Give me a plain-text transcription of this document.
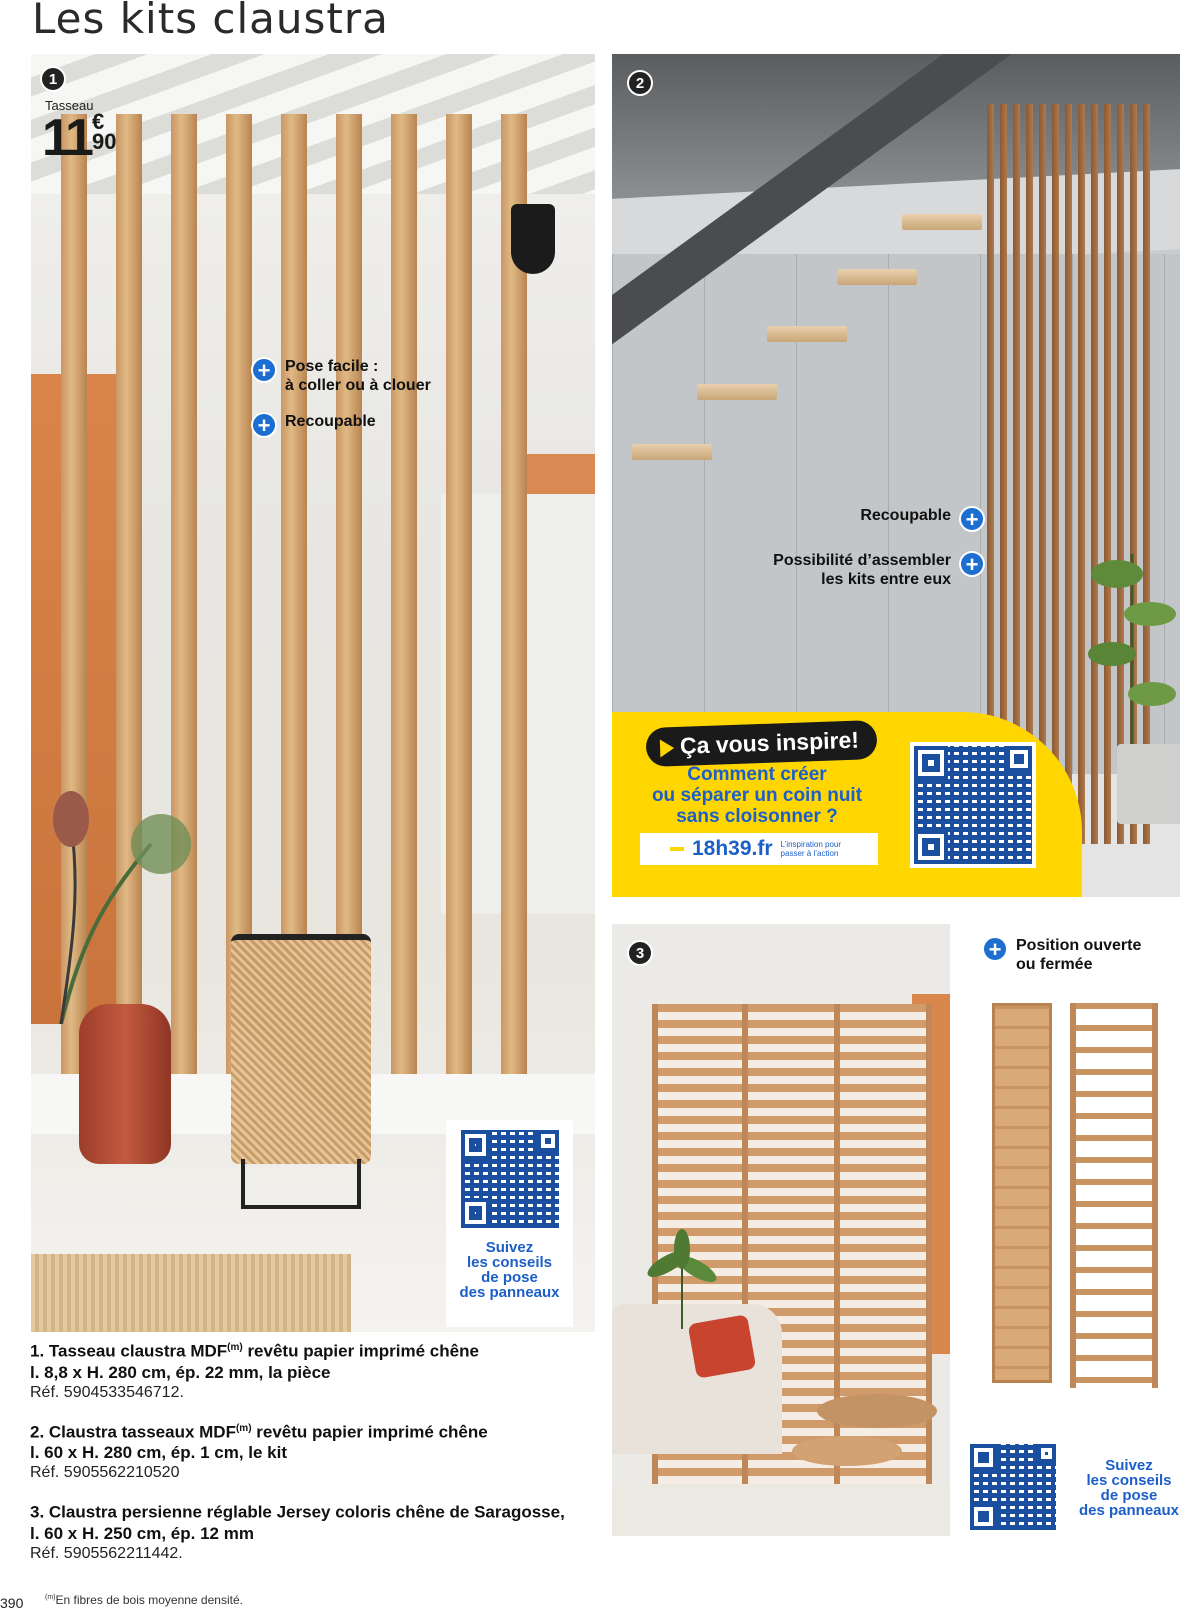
Les kits claustra
1
Tasseau
11 €
90
+ Pose facile :
à coller ou à clouer
+ Recoupable
Suivez
les conseils
de pose
des panneaux
2
+
Recoupable
+
Possibilité d’assembler
les kits entre eux
Ça vous inspire!
Comment créer
ou séparer un coin nuit
sans cloisonner ?
18h39.fr L’inspiration pour passer à l’action
3	+ Position ouverte
ou fermée
Suivez
les conseils
de pose
des panneaux
1. Tasseau claustra MDF$^{(m)}$ revêtu papier imprimé chêne
l. 8,8 x H. 280 cm, ép. 22 mm, la pièce
Réf. 5904533546712.
2. Claustra tasseaux MDF$^{(m)}$ revêtu papier imprimé chêne
l. 60 x H. 280 cm, ép. 1 cm, le kit
Réf. 5905562210520
3. Claustra persienne réglable Jersey coloris chêne de Saragosse,
l. 60 x H. 250 cm, ép. 12 mm
Réf. 5905562211442.
390	$^{(m)}$En fibres de bois moyenne densité.
